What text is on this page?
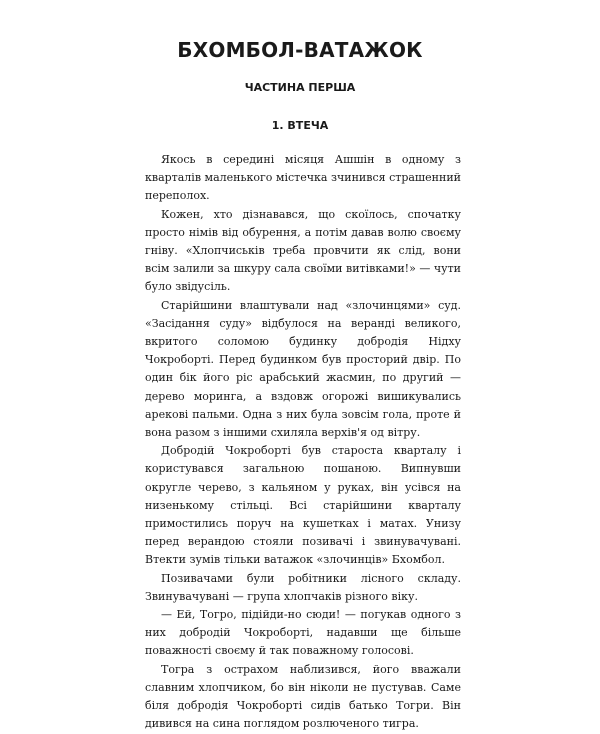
БХОМБОЛ-ВАТАЖОК
ЧАСТИНА ПЕРША
1. ВТЕЧА

Якось в середині місяця Ашшін в одному з кварталів маленького містечка зчинився страшенний переполох.

Кожен, хто дізнавався, що скоїлось, спочатку просто німів від обурення, а потім давав волю своєму гніву. «Хлопчиськів треба провчити як слід, вони всім залили за шкуру сала своїми витівками!» — чути було звідусіль.

Старійшини влаштували над «злочинцями» суд. «Засідання суду» відбулося на веранді великого, вкритого соломою будинку добродія Нідху Чокроборті. Перед будинком був просторий двір. По один бік його ріс арабський жасмин, по другий — дерево моринга, а вздовж огорожі вишикувались арекові пальми. Одна з них була зовсім гола, проте й вона разом з іншими схиляла верхів'я од вітру.

Добродій Чокроборті був староста кварталу і користувався загальною пошаною. Випнувши округле черево, з кальяном у руках, він усівся на низенькому стільці. Всі старійшини кварталу примостились поруч на кушетках і матах. Унизу перед верандою стояли позивачі і звинувачувані. Втекти зумів тільки ватажок «злочинців» Бхомбол.

Позивачами були робітники лісного складу. Звинувачувані — група хлопчаків різного віку.

— Ей, Тогро, підійди-но сюди! — погукав одного з них добродій Чокроборті, надавши ще більше поважності своєму й так поважному голосові.

Тогра з острахом наблизився, його вважали славним хлопчиком, бо він ніколи не пустував. Саме біля добродія Чокроборті сидів батько Тогри. Він дивився на сина поглядом розлюченого тигра.
